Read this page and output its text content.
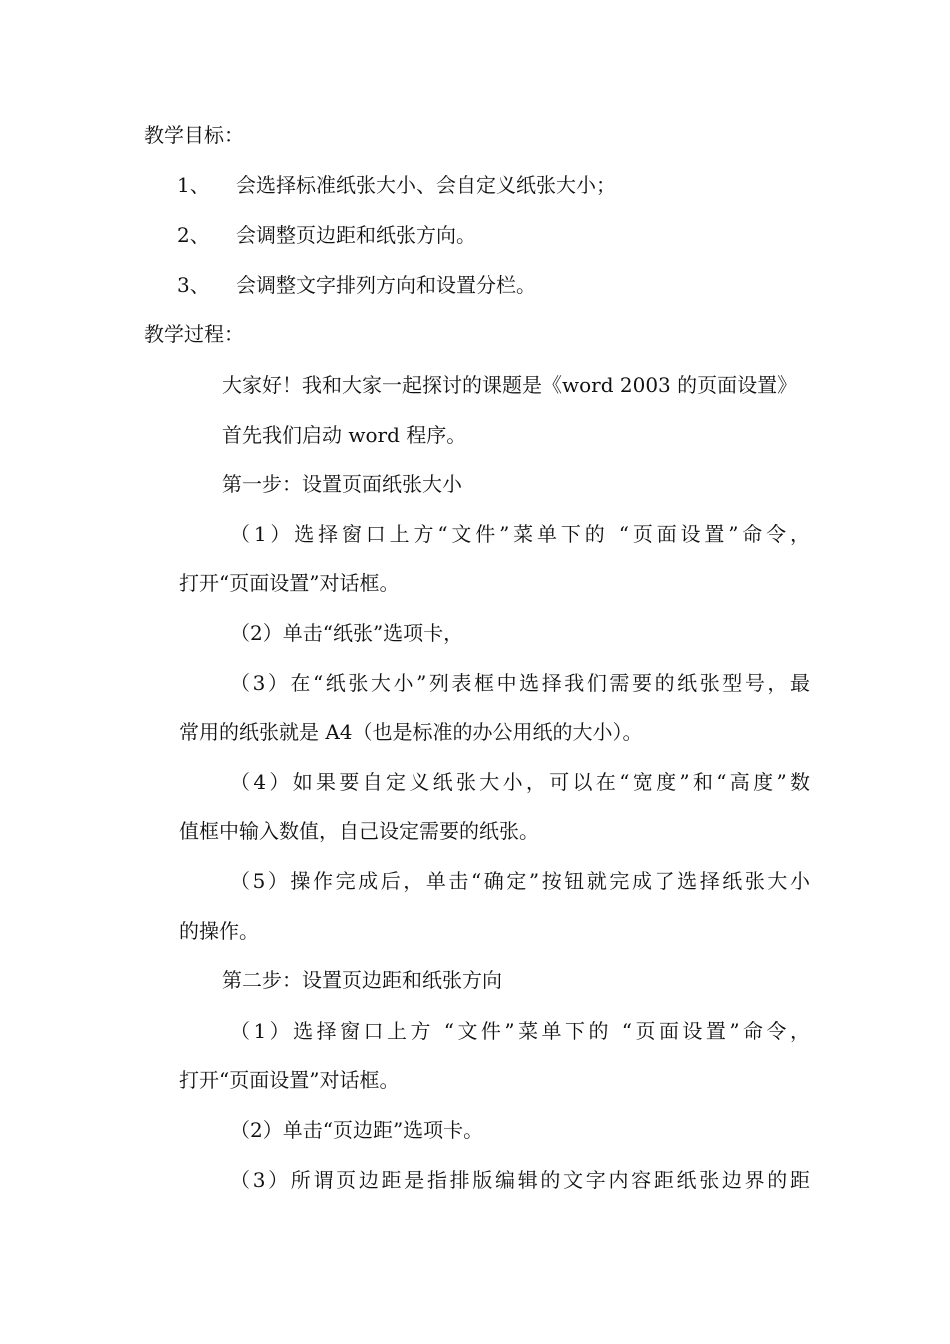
教学目标：
1、 会选择标准纸张大小、会自定义纸张大小；
2、 会调整页边距和纸张方向。
3、 会调整文字排列方向和设置分栏。
教学过程：
大家好！我和大家一起探讨的课题是《word 2003 的页面设置》
首先我们启动 word 程序。
第一步：设置页面纸张大小
（1）选择窗口上方“文件”菜单下的 “页面设置”命令，
打开“页面设置”对话框。
（2）单击“纸张”选项卡，
（3）在“纸张大小”列表框中选择我们需要的纸张型号，最
常用的纸张就是 A4（也是标准的办公用纸的大小）。
（4）如果要自定义纸张大小，可以在“宽度”和“高度”数
值框中输入数值，自己设定需要的纸张。
（5）操作完成后，单击“确定”按钮就完成了选择纸张大小
的操作。
第二步：设置页边距和纸张方向
（1）选择窗口上方 “文件”菜单下的 “页面设置”命令，
打开“页面设置”对话框。
（2）单击“页边距”选项卡。
（3）所谓页边距是指排版编辑的文字内容距纸张边界的距
